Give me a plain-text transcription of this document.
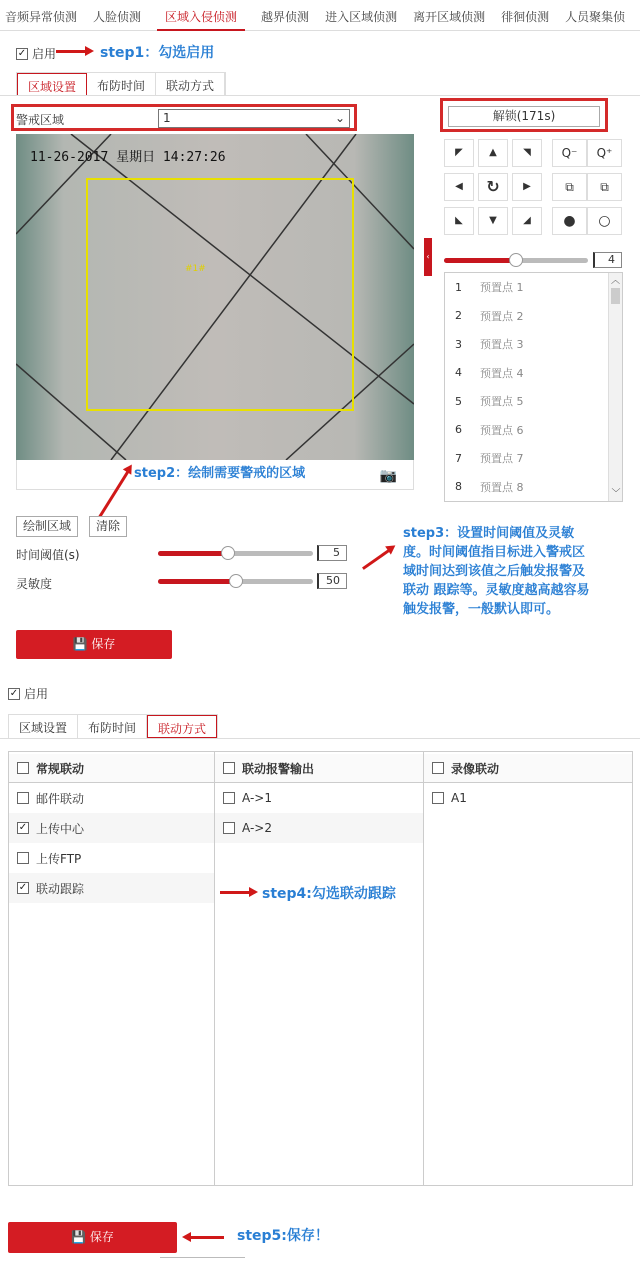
音频异常侦测 人脸侦测	区域入侵侦测	越界侦测 进入区域侦测 离开区域侦测 徘徊侦测 人员聚集侦
✓ 启用	step1：勾选启用
区域设置	布防时间	联动方式
警戒区域	1	⌄
11-26-2017 星期日 14:27:26
#1#
step2：绘制需要警戒的区域	📷
‹
解锁(171s)
◤	▲	◥
◀	↻	▶
◣	▼	◢
Q⁻	Q⁺
⧉	⧉
●	○
4
1	预置点 1
2	预置点 2
3	预置点 3
4	预置点 4
5	预置点 5
6	预置点 6
7	预置点 7
8	预置点 8
︿
﹀
绘制区域	清除
时间阈值(s)	5
灵敏度	50
step3：设置时间阈值及灵敏度。时间阈值指目标进入警戒区域时间达到该值之后触发报警及联动 跟踪等。灵敏度越高越容易触发报警，一般默认即可。
💾 保存
✓ 启用
区域设置	布防时间	联动方式
常规联动
邮件联动
✓ 上传中心
上传FTP
✓ 联动跟踪
联动报警输出
A->1
A->2
录像联动
A1
step4:勾选联动跟踪
💾 保存	step5:保存！
